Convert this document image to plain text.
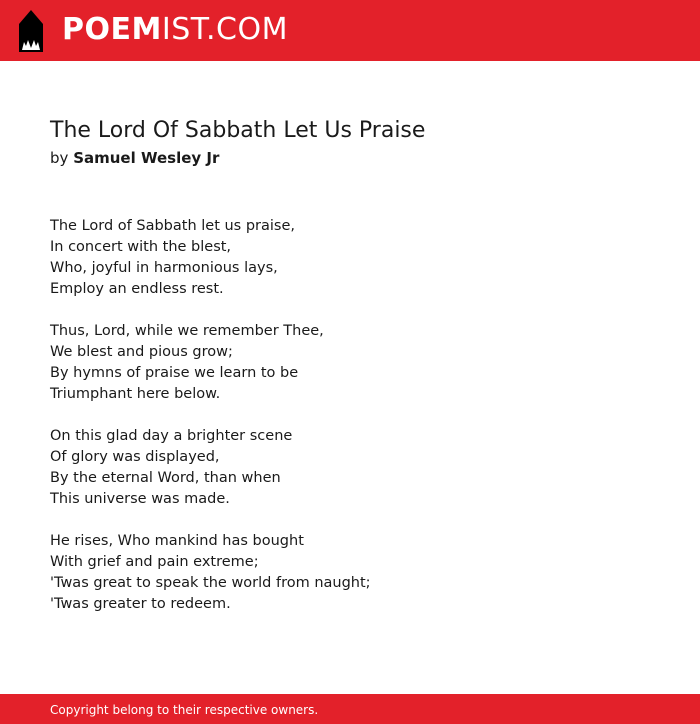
POEMIST.COM
The Lord Of Sabbath Let Us Praise
by Samuel Wesley Jr
The Lord of Sabbath let us praise,
In concert with the blest,
Who, joyful in harmonious lays,
Employ an endless rest.
Thus, Lord, while we remember Thee,
We blest and pious grow;
By hymns of praise we learn to be
Triumphant here below.
On this glad day a brighter scene
Of glory was displayed,
By the eternal Word, than when
This universe was made.
He rises, Who mankind has bought
With grief and pain extreme;
'Twas great to speak the world from naught;
'Twas greater to redeem.
Copyright belong to their respective owners.
